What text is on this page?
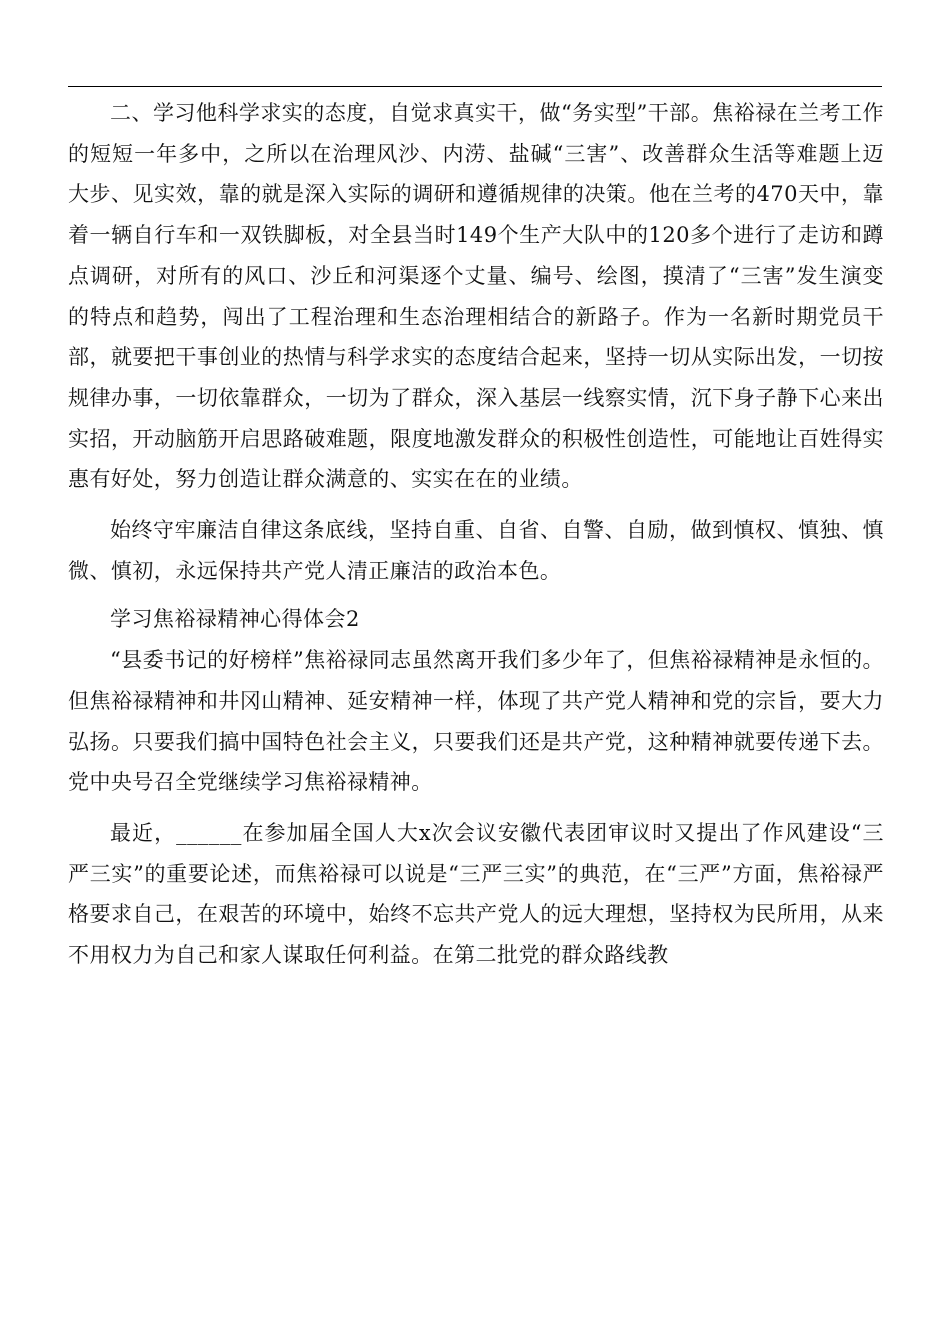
二、学习他科学求实的态度，自觉求真实干，做“务实型”干部。焦裕禄在兰考工作的短短一年多中，之所以在治理风沙、内涝、盐碱“三害”、改善群众生活等难题上迈大步、见实效，靠的就是深入实际的调研和遵循规律的决策。他在兰考的470天中，靠着一辆自行车和一双铁脚板，对全县当时149个生产大队中的120多个进行了走访和蹲点调研，对所有的风口、沙丘和河渠逐个丈量、编号、绘图，摸清了“三害”发生演变的特点和趋势，闯出了工程治理和生态治理相结合的新路子。作为一名新时期党员干部，就要把干事创业的热情与科学求实的态度结合起来，坚持一切从实际出发，一切按规律办事，一切依靠群众，一切为了群众，深入基层一线察实情，沉下身子静下心来出实招，开动脑筋开启思路破难题，限度地激发群众的积极性创造性，可能地让百姓得实惠有好处，努力创造让群众满意的、实实在在的业绩。

始终守牢廉洁自律这条底线，坚持自重、自省、自警、自励，做到慎权、慎独、慎微、慎初，永远保持共产党人清正廉洁的政治本色。

学习焦裕禄精神心得体会2

“县委书记的好榜样”焦裕禄同志虽然离开我们多少年了，但焦裕禄精神是永恒的。但焦裕禄精神和井冈山精神、延安精神一样，体现了共产党人精神和党的宗旨，要大力弘扬。只要我们搞中国特色社会主义，只要我们还是共产党，这种精神就要传递下去。党中央号召全党继续学习焦裕禄精神。

最近，______在参加届全国人大x次会议安徽代表团审议时又提出了作风建设“三严三实”的重要论述，而焦裕禄可以说是“三严三实”的典范，在“三严”方面，焦裕禄严格要求自己，在艰苦的环境中，始终不忘共产党人的远大理想，坚持权为民所用，从来不用权力为自己和家人谋取任何利益。在第二批党的群众路线教
